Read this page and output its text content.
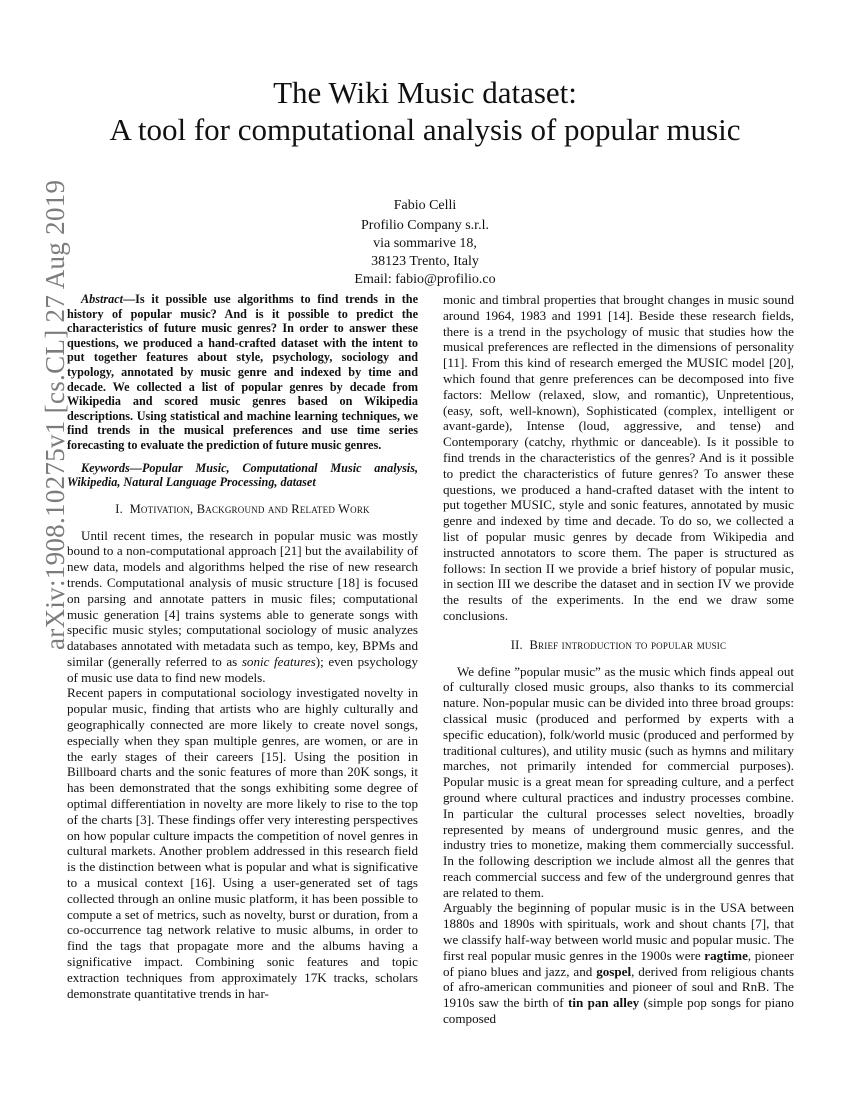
arXiv:1908.10275v1 [cs.CL] 27 Aug 2019
The Wiki Music dataset:
A tool for computational analysis of popular music
Fabio Celli
Profilio Company s.r.l.
via sommarive 18,
38123 Trento, Italy
Email: fabio@profilio.co

Abstract—Is it possible use algorithms to find trends in the history of popular music? And is it possible to predict the characteristics of future music genres? In order to answer these questions, we produced a hand-crafted dataset with the intent to put together features about style, psychology, sociology and typology, annotated by music genre and indexed by time and decade. We collected a list of popular genres by decade from Wikipedia and scored music genres based on Wikipedia descriptions. Using statistical and machine learning techniques, we find trends in the musical preferences and use time series forecasting to evaluate the prediction of future music genres.

Keywords—Popular Music, Computational Music analysis, Wikipedia, Natural Language Processing, dataset

I. Motivation, Background and Related Work

Until recent times, the research in popular music was mostly bound to a non-computational approach [21] but the availability of new data, models and algorithms helped the rise of new research trends. Computational analysis of music structure [18] is focused on parsing and annotate patters in music files; computational music generation [4] trains systems able to generate songs with specific music styles; computational sociology of music analyzes databases annotated with metadata such as tempo, key, BPMs and similar (generally referred to as sonic features); even psychology of music use data to find new models.

Recent papers in computational sociology investigated novelty in popular music, finding that artists who are highly culturally and geographically connected are more likely to create novel songs, especially when they span multiple genres, are women, or are in the early stages of their careers [15]. Using the position in Billboard charts and the sonic features of more than 20K songs, it has been demonstrated that the songs exhibiting some degree of optimal differentiation in novelty are more likely to rise to the top of the charts [3]. These findings offer very interesting perspectives on how popular culture impacts the competition of novel genres in cultural markets. Another problem addressed in this research field is the distinction between what is popular and what is significative to a musical context [16]. Using a user-generated set of tags collected through an online music platform, it has been possible to compute a set of metrics, such as novelty, burst or duration, from a co-occurrence tag network relative to music albums, in order to find the tags that propagate more and the albums having a significative impact. Combining sonic features and topic extraction techniques from approximately 17K tracks, scholars demonstrate quantitative trends in har-

monic and timbral properties that brought changes in music sound around 1964, 1983 and 1991 [14]. Beside these research fields, there is a trend in the psychology of music that studies how the musical preferences are reflected in the dimensions of personality [11]. From this kind of research emerged the MUSIC model [20], which found that genre preferences can be decomposed into five factors: Mellow (relaxed, slow, and romantic), Unpretentious, (easy, soft, well-known), Sophisticated (complex, intelligent or avant-garde), Intense (loud, aggressive, and tense) and Contemporary (catchy, rhythmic or danceable). Is it possible to find trends in the characteristics of the genres? And is it possible to predict the characteristics of future genres? To answer these questions, we produced a hand-crafted dataset with the intent to put together MUSIC, style and sonic features, annotated by music genre and indexed by time and decade. To do so, we collected a list of popular music genres by decade from Wikipedia and instructed annotators to score them. The paper is structured as follows: In section II we provide a brief history of popular music, in section III we describe the dataset and in section IV we provide the results of the experiments. In the end we draw some conclusions.

II. Brief introduction to popular music

We define ”popular music” as the music which finds appeal out of culturally closed music groups, also thanks to its commercial nature. Non-popular music can be divided into three broad groups: classical music (produced and performed by experts with a specific education), folk/world music (produced and performed by traditional cultures), and utility music (such as hymns and military marches, not primarily intended for commercial purposes). Popular music is a great mean for spreading culture, and a perfect ground where cultural practices and industry processes combine. In particular the cultural processes select novelties, broadly represented by means of underground music genres, and the industry tries to monetize, making them commercially successful. In the following description we include almost all the genres that reach commercial success and few of the underground genres that are related to them.

Arguably the beginning of popular music is in the USA between 1880s and 1890s with spirituals, work and shout chants [7], that we classify half-way between world music and popular music. The first real popular music genres in the 1900s were ragtime, pioneer of piano blues and jazz, and gospel, derived from religious chants of afro-american communities and pioneer of soul and RnB. The 1910s saw the birth of tin pan alley (simple pop songs for piano composed
